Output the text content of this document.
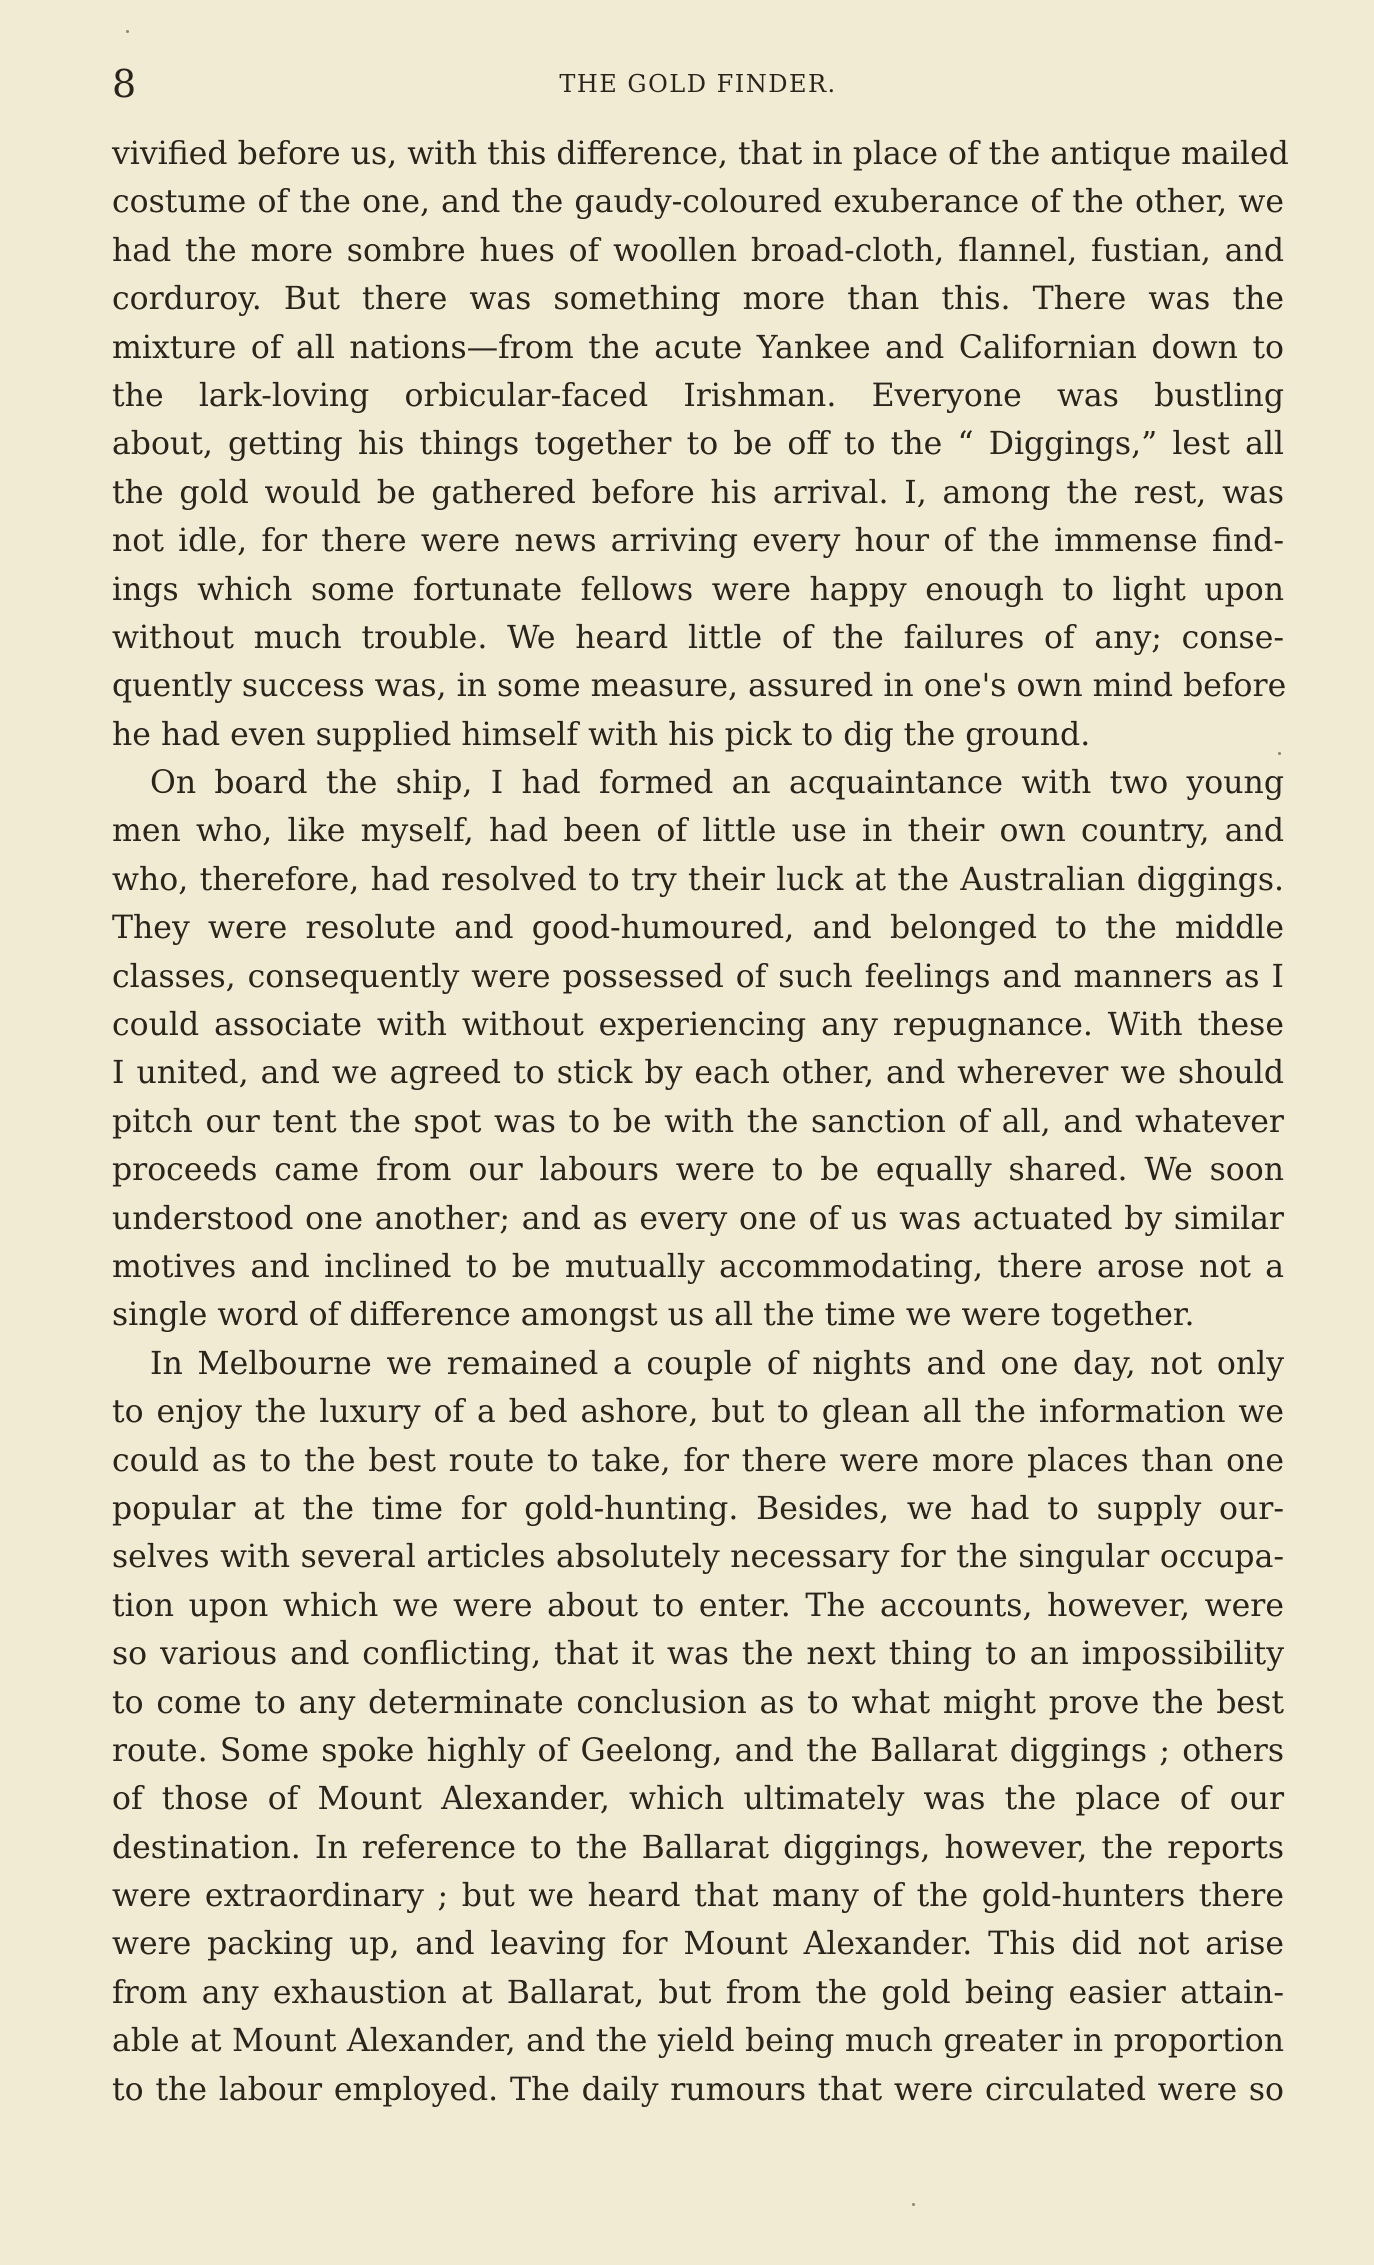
8	THE GOLD FINDER.
vivified before us, with this difference, that in place of the antique mailed
costume of the one, and the gaudy-coloured exuberance of the other, we
had the more sombre hues of woollen broad-cloth, flannel, fustian, and
corduroy. But there was something more than this. There was the
mixture of all nations—from the acute Yankee and Californian down to
the lark-loving orbicular-faced Irishman. Everyone was bustling
about, getting his things together to be off to the “ Diggings,” lest all
the gold would be gathered before his arrival. I, among the rest, was
not idle, for there were news arriving every hour of the immense find-
ings which some fortunate fellows were happy enough to light upon
without much trouble. We heard little of the failures of any; conse-
quently success was, in some measure, assured in one's own mind before
he had even supplied himself with his pick to dig the ground.
On board the ship, I had formed an acquaintance with two young
men who, like myself, had been of little use in their own country, and
who, therefore, had resolved to try their luck at the Australian diggings.
They were resolute and good-humoured, and belonged to the middle
classes, consequently were possessed of such feelings and manners as I
could associate with without experiencing any repugnance. With these
I united, and we agreed to stick by each other, and wherever we should
pitch our tent the spot was to be with the sanction of all, and whatever
proceeds came from our labours were to be equally shared. We soon
understood one another; and as every one of us was actuated by similar
motives and inclined to be mutually accommodating, there arose not a
single word of difference amongst us all the time we were together.
In Melbourne we remained a couple of nights and one day, not only
to enjoy the luxury of a bed ashore, but to glean all the information we
could as to the best route to take, for there were more places than one
popular at the time for gold-hunting. Besides, we had to supply our-
selves with several articles absolutely necessary for the singular occupa-
tion upon which we were about to enter. The accounts, however, were
so various and conflicting, that it was the next thing to an impossibility
to come to any determinate conclusion as to what might prove the best
route. Some spoke highly of Geelong, and the Ballarat diggings ; others
of those of Mount Alexander, which ultimately was the place of our
destination. In reference to the Ballarat diggings, however, the reports
were extraordinary ; but we heard that many of the gold-hunters there
were packing up, and leaving for Mount Alexander. This did not arise
from any exhaustion at Ballarat, but from the gold being easier attain-
able at Mount Alexander, and the yield being much greater in proportion
to the labour employed. The daily rumours that were circulated were so
